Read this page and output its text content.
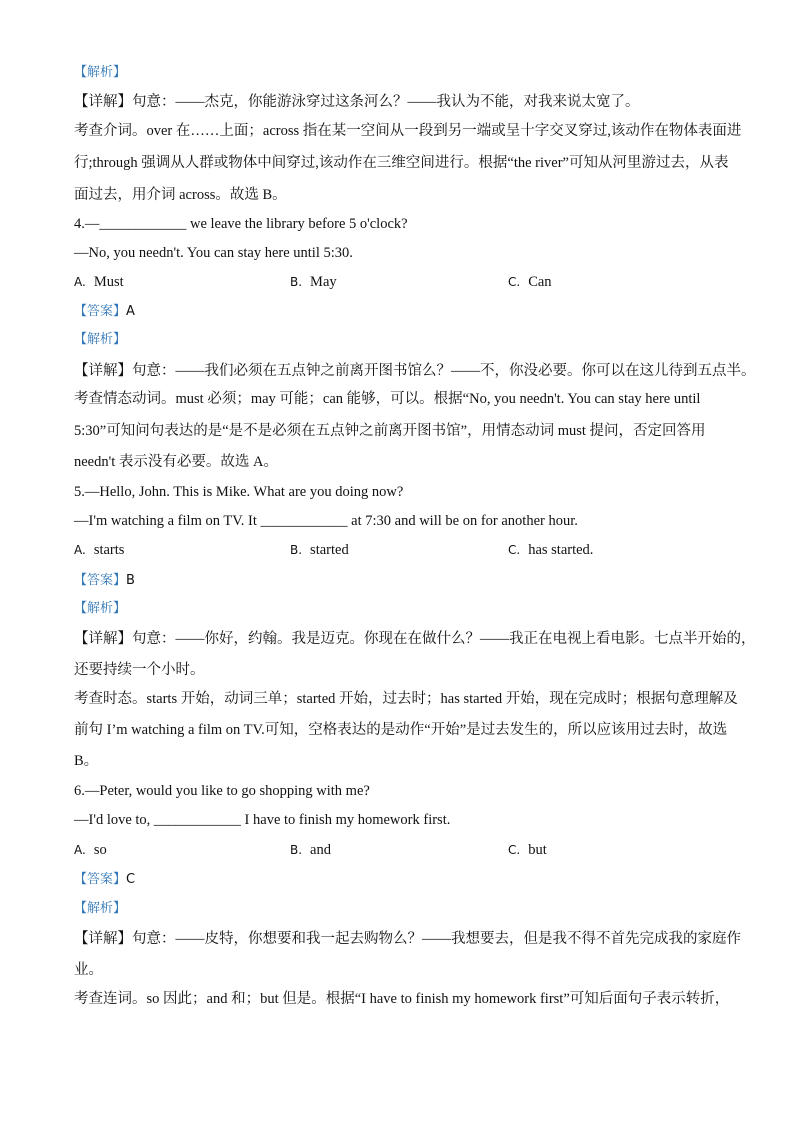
【解析】
【详解】句意：——杰克，你能游泳穿过这条河么？——我认为不能，对我来说太宽了。
考查介词。over 在……上面；across 指在某一空间从一段到另一端或呈十字交叉穿过,该动作在物体表面进
行;through 强调从人群或物体中间穿过,该动作在三维空间进行。根据“the river”可知从河里游过去，从表
面过去，用介词 across。故选 B。
4.—____________ we leave the library before 5 o'clock?
—No, you needn't. You can stay here until 5:30.
A. Must	B. May	C. Can
【答案】A
【解析】
【详解】句意：——我们必须在五点钟之前离开图书馆么？——不，你没必要。你可以在这儿待到五点半。
考查情态动词。must 必须；may 可能；can 能够，可以。根据“No, you needn't. You can stay here until
5:30”可知问句表达的是“是不是必须在五点钟之前离开图书馆”，用情态动词 must 提问，否定回答用
needn't 表示没有必要。故选 A。
5.—Hello, John. This is Mike. What are you doing now?
—I'm watching a film on TV. It ____________ at 7:30 and will be on for another hour.
A. starts	B. started	C. has started.
【答案】B
【解析】
【详解】句意：——你好，约翰。我是迈克。你现在在做什么？——我正在电视上看电影。七点半开始的，
还要持续一个小时。
考查时态。starts 开始，动词三单；started 开始，过去时；has started 开始，现在完成时；根据句意理解及
前句 I’m watching a film on TV.可知，空格表达的是动作“开始”是过去发生的，所以应该用过去时，故选
B。
6.—Peter, would you like to go shopping with me?
—I'd love to, ____________ I have to finish my homework first.
A. so	B. and	C. but
【答案】C
【解析】
【详解】句意：——皮特，你想要和我一起去购物么？——我想要去，但是我不得不首先完成我的家庭作
业。
考查连词。so 因此；and 和；but 但是。根据“I have to finish my homework first”可知后面句子表示转折，
